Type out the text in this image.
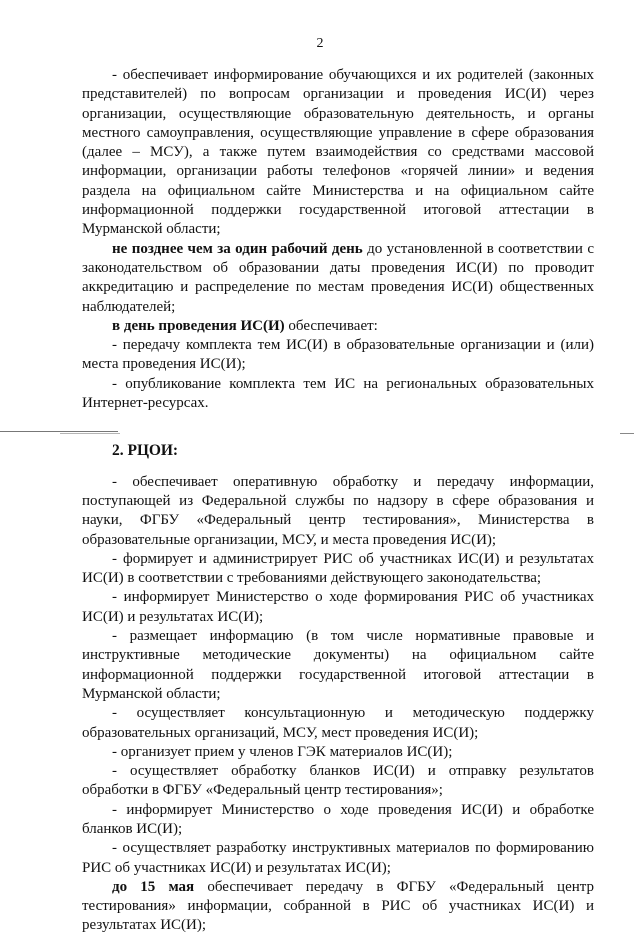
2

- обеспечивает информирование обучающихся и их родителей (законных представителей) по вопросам организации и проведения ИС(И) через организации, осуществляющие образовательную деятельность, и органы местного самоуправления, осуществляющие управление в сфере образования (далее – МСУ), а также путем взаимодействия со средствами массовой информации, организации работы телефонов «горячей линии» и ведения раздела на официальном сайте Министерства и на официальном сайте информационной поддержки государственной итоговой аттестации в Мурманской области;

не позднее чем за один рабочий день до установленной в соответствии с законодательством об образовании даты проведения ИС(И) по проводит аккредитацию и распределение по местам проведения ИС(И) общественных наблюдателей;

в день проведения ИС(И) обеспечивает:

- передачу комплекта тем ИС(И) в образовательные организации и (или) места проведения ИС(И);

- опубликование комплекта тем ИС на региональных образовательных Интернет-ресурсах.

2. РЦОИ:

- обеспечивает оперативную обработку и передачу информации, поступающей из Федеральной службы по надзору в сфере образования и науки, ФГБУ «Федеральный центр тестирования», Министерства в образовательные организации, МСУ, и места проведения ИС(И);

- формирует и администрирует РИС об участниках ИС(И) и результатах ИС(И) в соответствии с требованиями действующего законодательства;

- информирует Министерство о ходе формирования РИС об участниках ИС(И) и результатах ИС(И);

- размещает информацию (в том числе нормативные правовые и инструктивные методические документы) на официальном сайте информационной поддержки государственной итоговой аттестации в Мурманской области;

- осуществляет консультационную и методическую поддержку образовательных организаций, МСУ, мест проведения ИС(И);

- организует прием у членов ГЭК материалов ИС(И);

- осуществляет обработку бланков ИС(И) и отправку результатов обработки в ФГБУ «Федеральный центр тестирования»;

- информирует Министерство о ходе проведения ИС(И) и обработке бланков ИС(И);

- осуществляет разработку инструктивных материалов по формированию РИС об участниках ИС(И) и результатах ИС(И);

до 15 мая обеспечивает передачу в ФГБУ «Федеральный центр тестирования» информации, собранной в РИС об участниках ИС(И) и результатах ИС(И);
